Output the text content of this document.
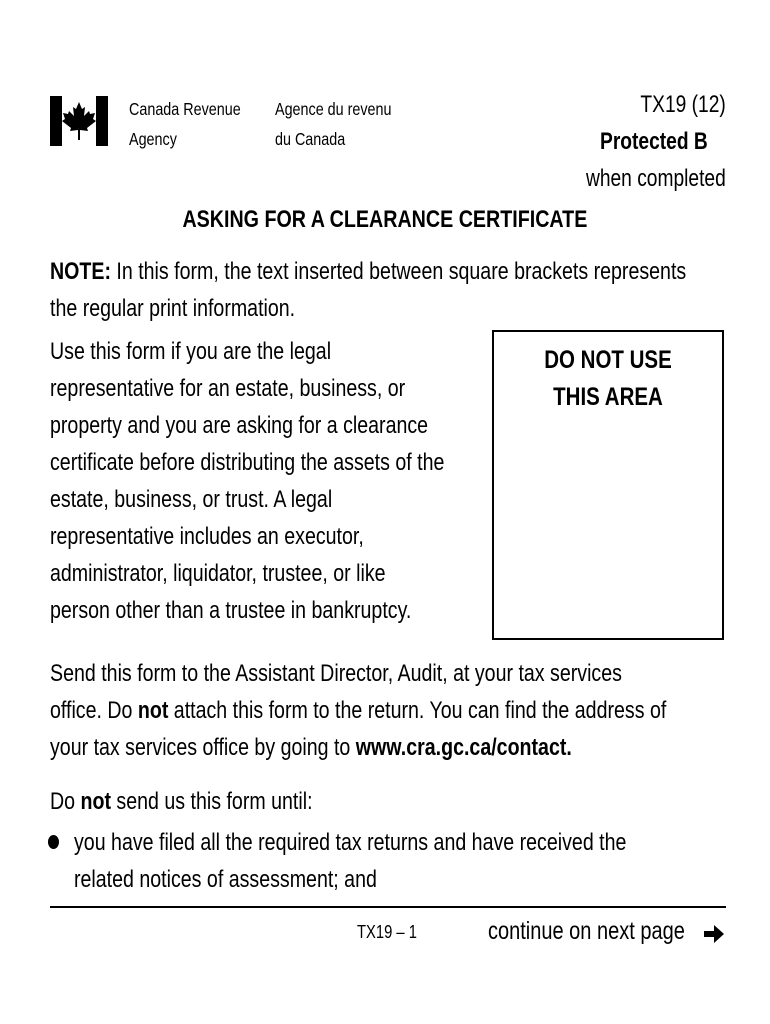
Canada Revenue
Agency
Agence du revenu
du Canada
TX19 (12)
Protected B
when completed
ASKING FOR A CLEARANCE CERTIFICATE
NOTE: In this form, the text inserted between square brackets represents
the regular print information.
Use this form if you are the legal
representative for an estate, business, or
property and you are asking for a clearance
certificate before distributing the assets of the
estate, business, or trust. A legal
representative includes an executor,
administrator, liquidator, trustee, or like
person other than a trustee in bankruptcy.
DO NOT USE
THIS AREA
Send this form to the Assistant Director, Audit, at your tax services
office. Do not attach this form to the return. You can find the address of
your tax services office by going to www.cra.gc.ca/contact.
Do not send us this form until:
you have filed all the required tax returns and have received the
related notices of assessment; and
TX19 – 1	continue on next page
